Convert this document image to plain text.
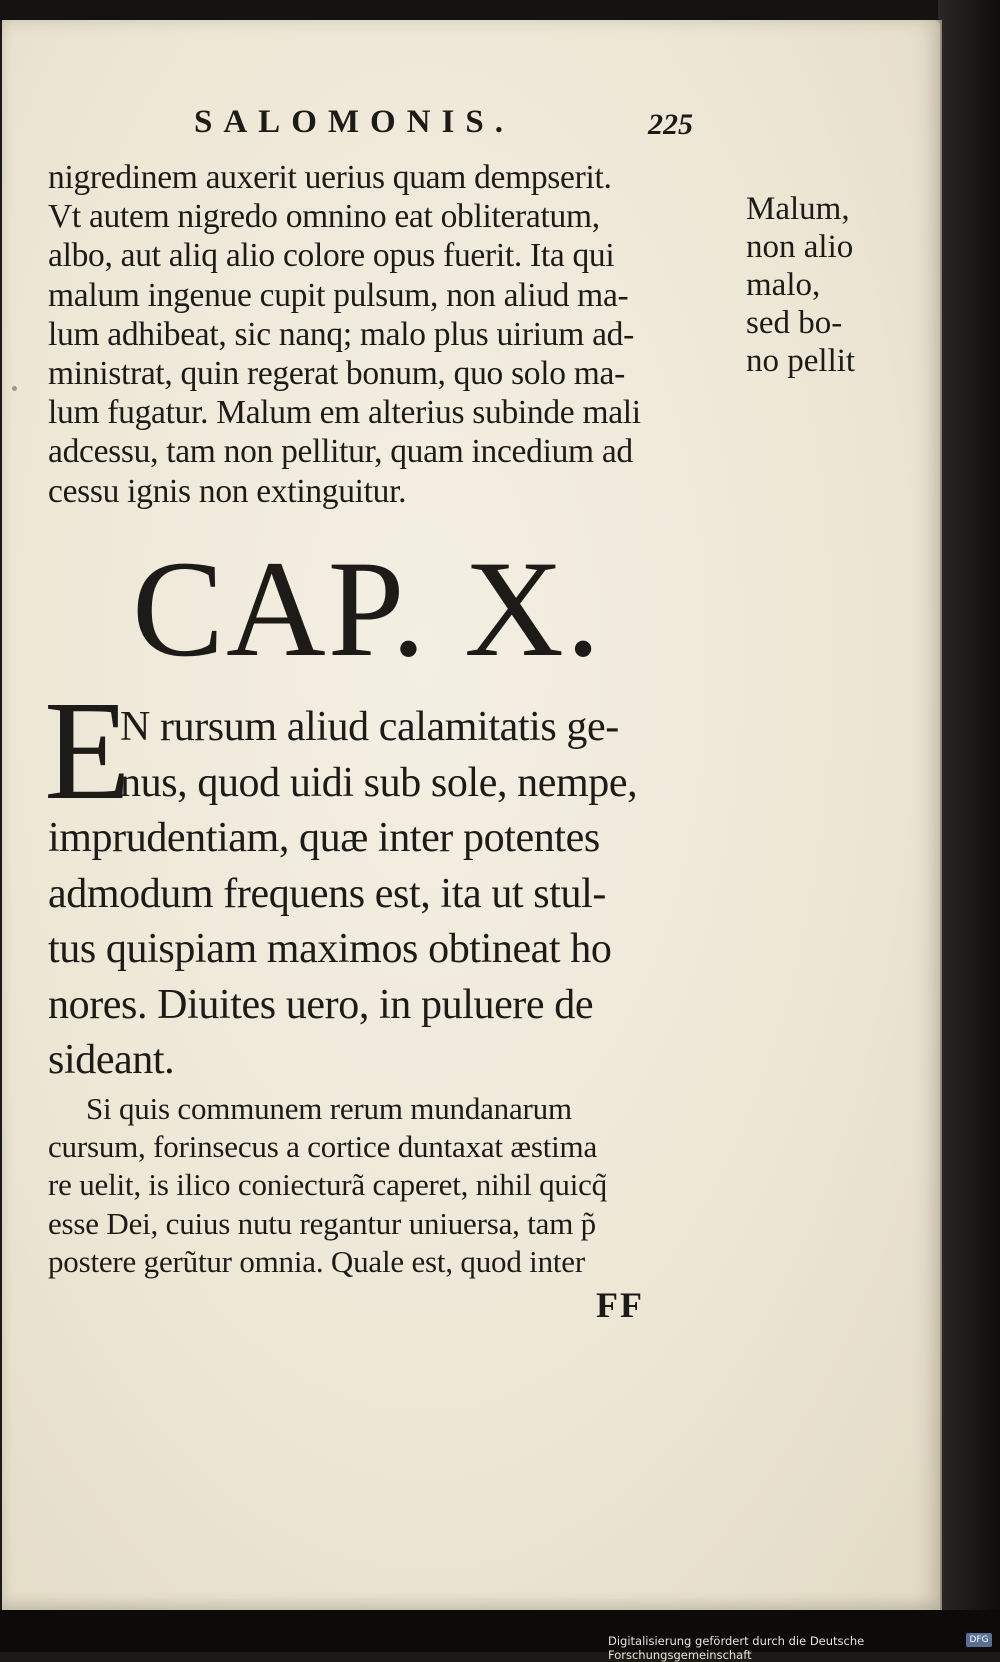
SALOMONIS.	225
nigredinem auxerit uerius quam dempserit.
Vt autem nigredo omnino eat obliteratum,
albo, aut aliq alio colore opus fuerit. Ita qui
malum ingenue cupit pulsum, non aliud ma-
lum adhibeat, sic nanq; malo plus uirium ad-
ministrat, quin regerat bonum, quo solo ma-
lum fugatur. Malum em alterius subinde mali
adcessu, tam non pellitur, quam incedium ad
cessu ignis non extinguitur.
Malum,
non alio
malo,
sed bo-
no pellit
CAP. X.
E
N rursum aliud calamitatis ge-
nus, quod uidi sub sole, nempe,
imprudentiam, quæ inter potentes
admodum frequens est, ita ut stul-
tus quispiam maximos obtineat ho
nores. Diuites uero, in puluere de
sideant.
Si quis communem rerum mundanarum
cursum, forinsecus a cortice duntaxat æstima
re uelit, is ilico coniecturã caperet, nihil quicq̃
esse Dei, cuius nutu regantur uniuersa, tam p̃
postere gerũtur omnia. Quale est, quod inter
FF
Digitalisierung gefördert durch die Deutsche Forschungsgemeinschaft
DFG
